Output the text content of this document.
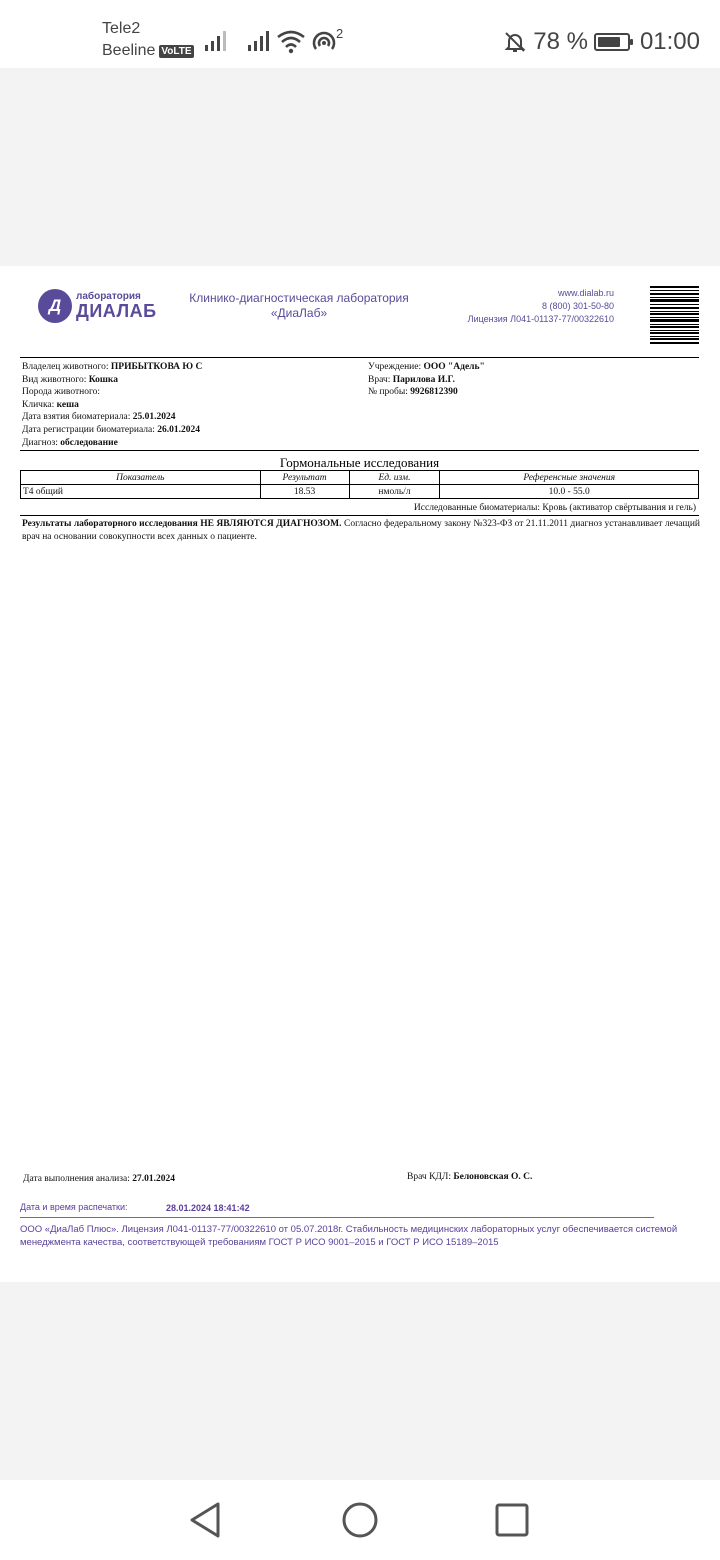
Tele2
Beeline VoLTE
2	78 % 01:00
Д	лаборатория
ДИАЛАБ
Клинико-диагностическая лаборатория
«ДиаЛаб»
www.dialab.ru
8 (800) 301-50-80
Лицензия Л041-01137-77/00322610
Владелец животного: ПРИБЫТКОВА Ю С
Вид животного: Кошка
Порода животного:
Кличка: кеша
Дата взятия биоматериала: 25.01.2024
Дата регистрации биоматериала: 26.01.2024
Диагноз: обследование
Учреждение: ООО "Адель"
Врач: Парилова И.Г.
№ пробы: 9926812390
Гормональные исследования
Показатель	Результат	Ед. изм.	Референсные значения
T4 общий	18.53	нмоль/л	10.0 - 55.0
Исследованные биоматериалы: Кровь (активатор свёртывания и гель)
Результаты лабораторного исследования НЕ ЯВЛЯЮТСЯ ДИАГНОЗОМ. Согласно федеральному закону №323-ФЗ от 21.11.2011 диагноз устанавливает лечащий врач на основании совокупности всех данных о пациенте.
Дата выполнения анализа: 27.01.2024	Врач КДЛ: Белоновская О. С.
Дата и время распечатки:	28.01.2024 18:41:42
ООО «ДиаЛаб Плюс». Лицензия Л041-01137-77/00322610 от 05.07.2018г. Стабильность медицинских лабораторных услуг обеспечивается системой менеджмента качества, соответствующей требованиям ГОСТ Р ИСО 9001–2015 и ГОСТ Р ИСО 15189–2015
